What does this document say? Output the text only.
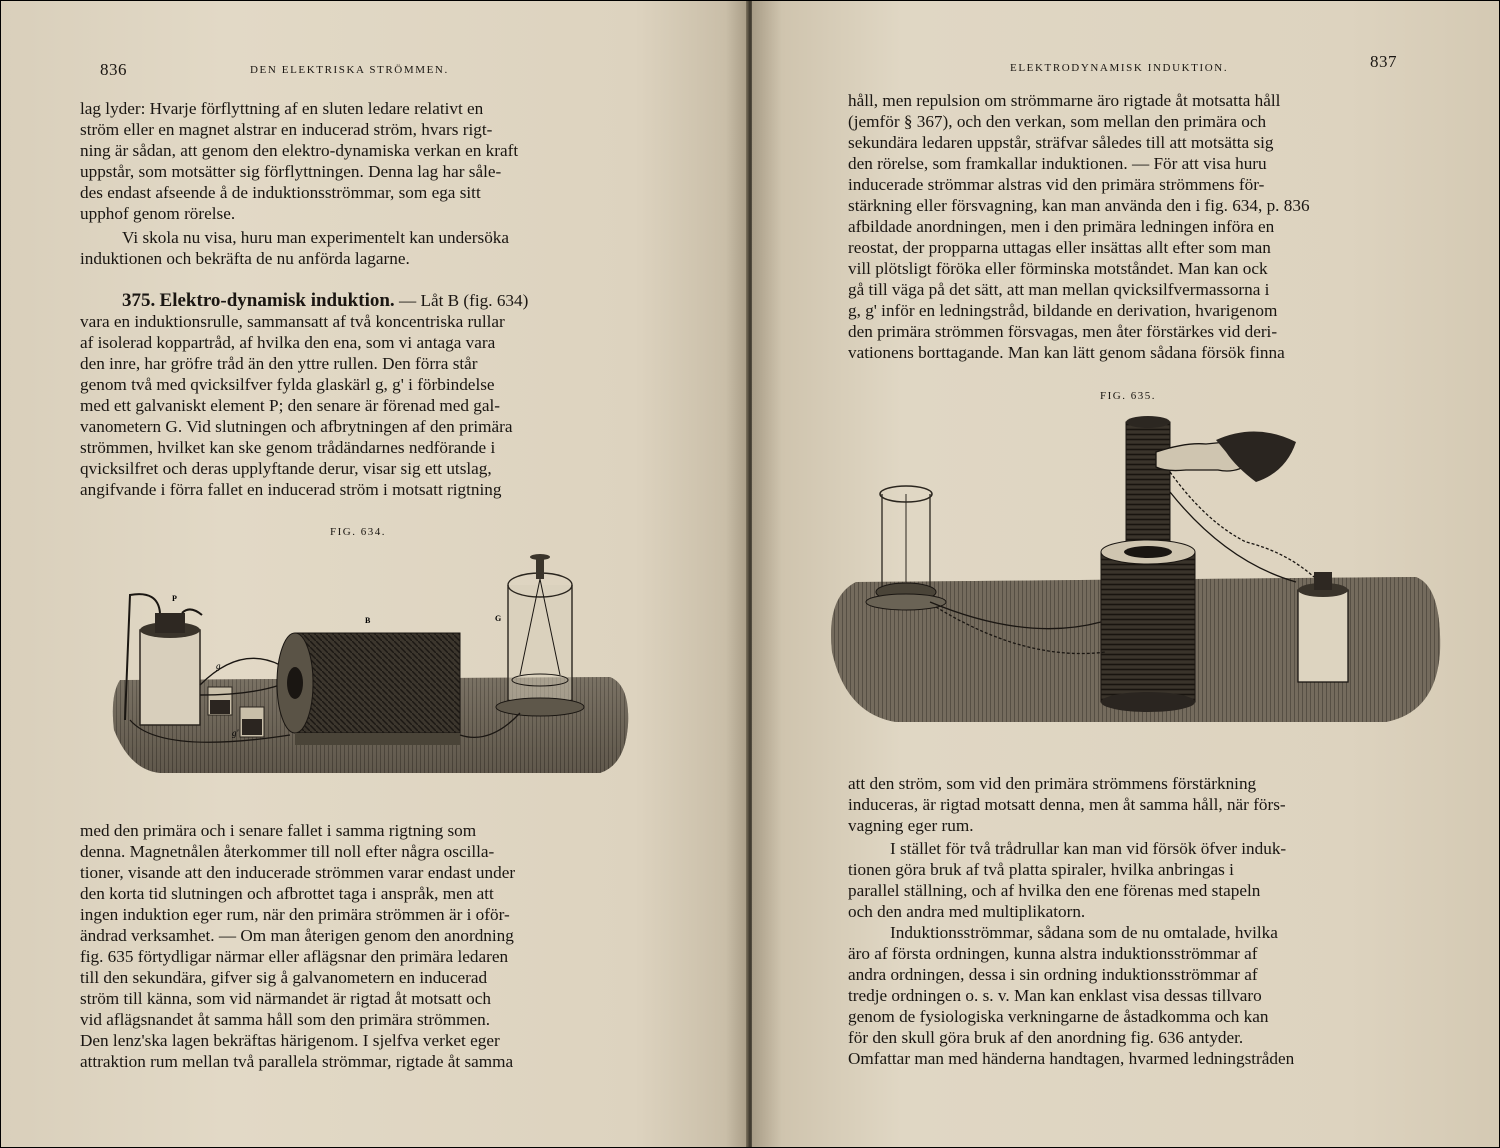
836	DEN ELEKTRISKA STRÖMMEN.

lag lyder: Hvarje förflyttning af en sluten ledare relativt en
ström eller en magnet alstrar en inducerad ström, hvars rigt-
ning är sådan, att genom den elektro-dynamiska verkan en kraft
uppstår, som motsätter sig förflyttningen. Denna lag har såle-
des endast afseende å de induktionsströmmar, som ega sitt
upphof genom rörelse.

Vi skola nu visa, huru man experimentelt kan undersöka
induktionen och bekräfta de nu anförda lagarne.

375. Elektro-dynamisk induktion. — Låt B (fig. 634)
vara en induktionsrulle, sammansatt af två koncentriska rullar
af isolerad koppartråd, af hvilka den ena, som vi antaga vara
den inre, har gröfre tråd än den yttre rullen. Den förra står
genom två med qvicksilfver fylda glaskärl g, g' i förbindelse
med ett galvaniskt element P; den senare är förenad med gal-
vanometern G. Vid slutningen och afbrytningen af den primära
strömmen, hvilket kan ske genom trådändarnes nedförande i
qvicksilfret och deras upplyftande derur, visar sig ett utslag,
angifvande i förra fallet en inducerad ström i motsatt rigtning

FIG. 634.
P
g
g'
B	G

med den primära och i senare fallet i samma rigtning som
denna. Magnetnålen återkommer till noll efter några oscilla-
tioner, visande att den inducerade strömmen varar endast under
den korta tid slutningen och afbrottet taga i anspråk, men att
ingen induktion eger rum, när den primära strömmen är i oför-
ändrad verksamhet. — Om man återigen genom den anordning
fig. 635 förtydligar närmar eller aflägsnar den primära ledaren
till den sekundära, gifver sig å galvanometern en inducerad
ström till känna, som vid närmandet är rigtad åt motsatt och
vid aflägsnandet åt samma håll som den primära strömmen.
Den lenz'ska lagen bekräftas härigenom. I sjelfva verket eger
attraktion rum mellan två parallela strömmar, rigtade åt samma

ELEKTRODYNAMISK INDUKTION.	837

håll, men repulsion om strömmarne äro rigtade åt motsatta håll
(jemför § 367), och den verkan, som mellan den primära och
sekundära ledaren uppstår, sträfvar således till att motsätta sig
den rörelse, som framkallar induktionen. — För att visa huru
inducerade strömmar alstras vid den primära strömmens för-
stärkning eller försvagning, kan man använda den i fig. 634, p. 836
afbildade anordningen, men i den primära ledningen införa en
reostat, der propparna uttagas eller insättas allt efter som man
vill plötsligt föröka eller förminska motståndet. Man kan ock
gå till väga på det sätt, att man mellan qvicksilfvermassorna i
g, g' inför en ledningstråd, bildande en derivation, hvarigenom
den primära strömmen försvagas, men åter förstärkes vid deri-
vationens borttagande. Man kan lätt genom sådana försök finna

FIG. 635.

att den ström, som vid den primära strömmens förstärkning
induceras, är rigtad motsatt denna, men åt samma håll, när förs-
vagning eger rum.

I stället för två trådrullar kan man vid försök öfver induk-
tionen göra bruk af två platta spiraler, hvilka anbringas i
parallel ställning, och af hvilka den ene förenas med stapeln
och den andra med multiplikatorn.

Induktionsströmmar, sådana som de nu omtalade, hvilka
äro af första ordningen, kunna alstra induktionsströmmar af
andra ordningen, dessa i sin ordning induktionsströmmar af
tredje ordningen o. s. v. Man kan enklast visa dessas tillvaro
genom de fysiologiska verkningarne de åstadkomma och kan
för den skull göra bruk af den anordning fig. 636 antyder.
Omfattar man med händerna handtagen, hvarmed ledningstråden
